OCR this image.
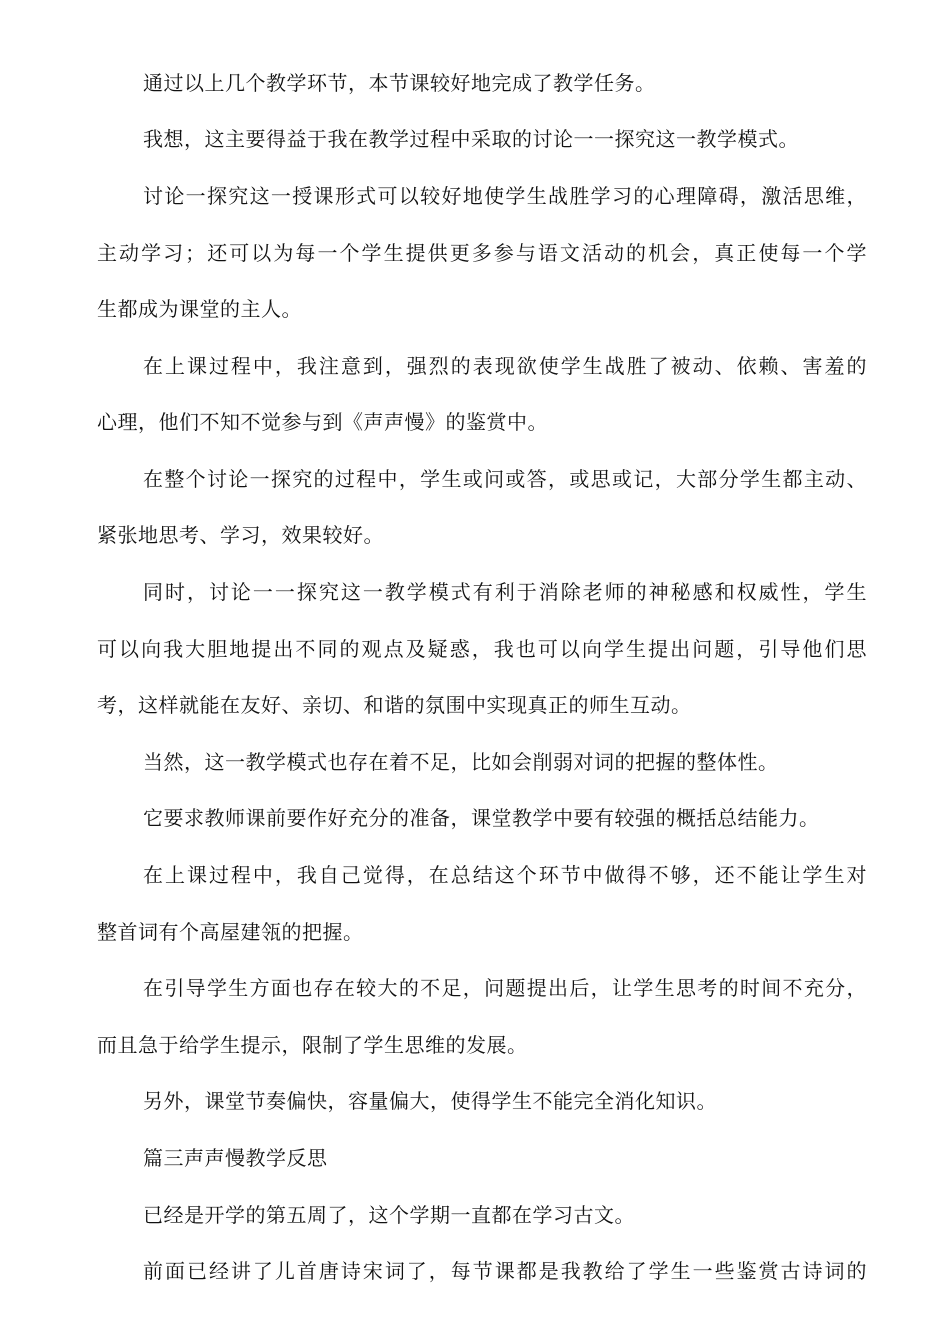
通过以上几个教学环节，本节课较好地完成了教学任务。
我想，这主要得益于我在教学过程中采取的讨论一一探究这一教学模式。
讨论一探究这一授课形式可以较好地使学生战胜学习的心理障碍，激活思维，
主动学习；还可以为每一个学生提供更多参与语文活动的机会，真正使每一个学
生都成为课堂的主人。
在上课过程中，我注意到，强烈的表现欲使学生战胜了被动、依赖、害羞的
心理，他们不知不觉参与到《声声慢》的鉴赏中。
在整个讨论一探究的过程中，学生或问或答，或思或记，大部分学生都主动、
紧张地思考、学习，效果较好。
同时，讨论一一探究这一教学模式有利于消除老师的神秘感和权威性，学生
可以向我大胆地提出不同的观点及疑惑，我也可以向学生提出问题，引导他们思
考，这样就能在友好、亲切、和谐的氛围中实现真正的师生互动。
当然，这一教学模式也存在着不足，比如会削弱对词的把握的整体性。
它要求教师课前要作好充分的准备，课堂教学中要有较强的概括总结能力。
在上课过程中，我自己觉得，在总结这个环节中做得不够，还不能让学生对
整首词有个高屋建瓴的把握。
在引导学生方面也存在较大的不足，问题提出后，让学生思考的时间不充分，
而且急于给学生提示，限制了学生思维的发展。
另外，课堂节奏偏快，容量偏大，使得学生不能完全消化知识。
篇三声声慢教学反思
已经是开学的第五周了，这个学期一直都在学习古文。
前面已经讲了儿首唐诗宋词了，每节课都是我教给了学生一些鉴赏古诗词的
